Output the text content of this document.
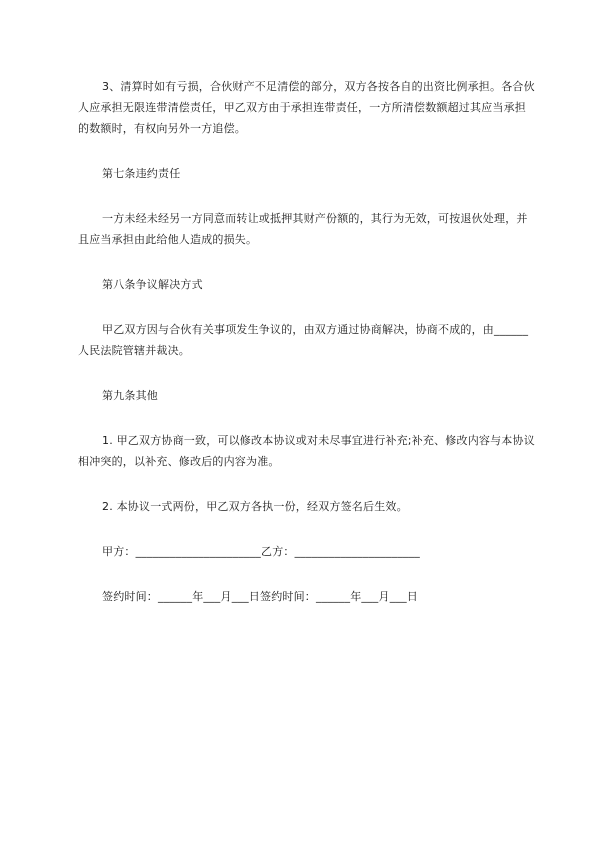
3、清算时如有亏损，合伙财产不足清偿的部分，双方各按各自的出资比例承担。各合伙人应承担无限连带清偿责任，甲乙双方由于承担连带责任，一方所清偿数额超过其应当承担的数额时，有权向另外一方追偿。

第七条违约责任

一方未经未经另一方同意而转让或抵押其财产份额的，其行为无效，可按退伙处理，并且应当承担由此给他人造成的损失。

第八条争议解决方式

甲乙双方因与合伙有关事项发生争议的，由双方通过协商解决，协商不成的，由______人民法院管辖并裁决。

第九条其他

1. 甲乙双方协商一致，可以修改本协议或对未尽事宜进行补充;补充、修改内容与本协议相冲突的，以补充、修改后的内容为准。

2. 本协议一式两份，甲乙双方各执一份，经双方签名后生效。

甲方：______________________乙方：______________________

签约时间：______年___月___日签约时间：______年___月___日
